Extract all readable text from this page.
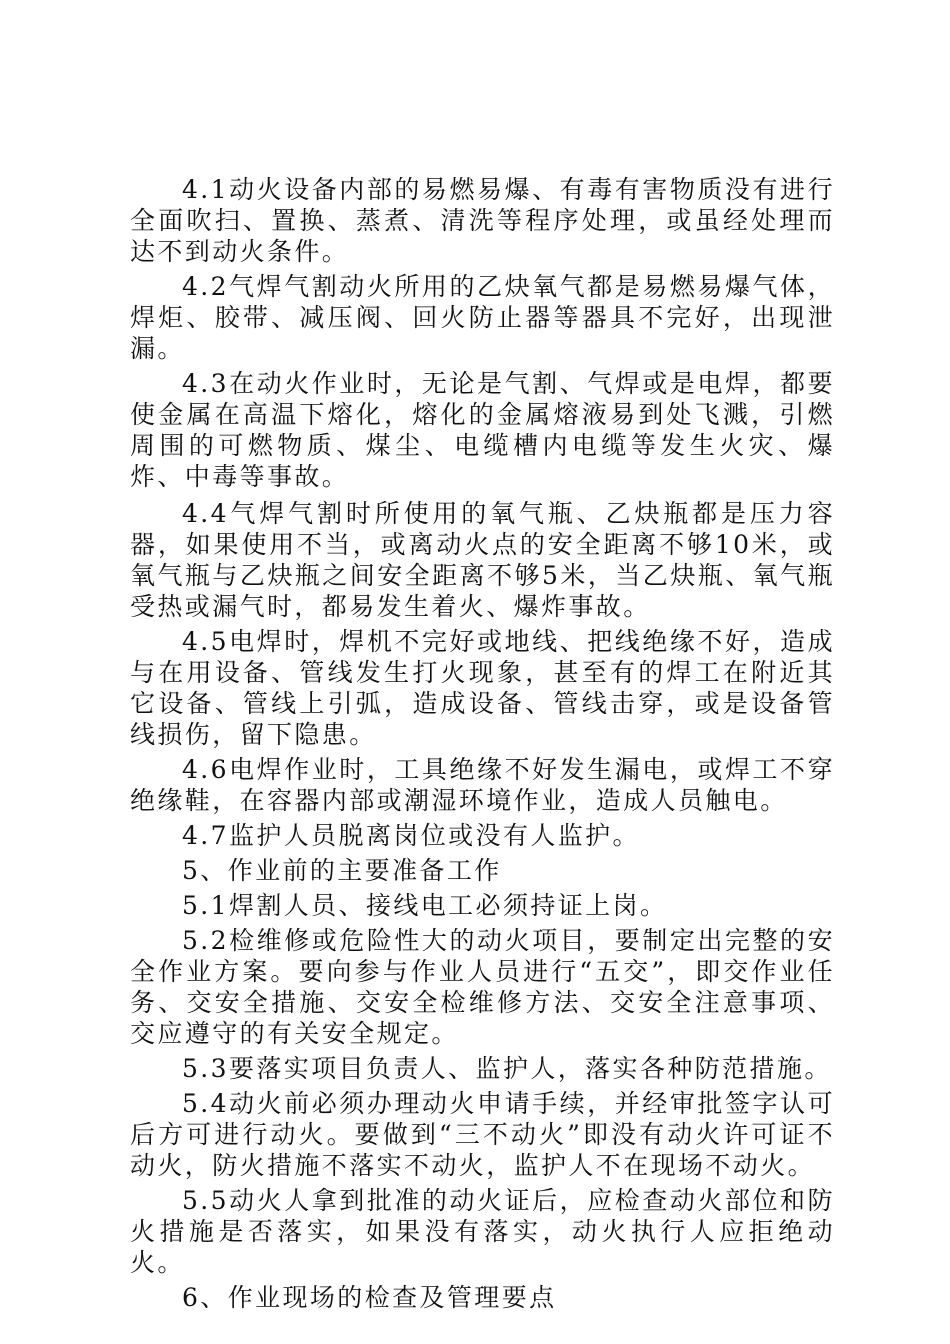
4.1动火设备内部的易燃易爆、有毒有害物质没有进行全面吹扫、置换、蒸煮、清洗等程序处理，或虽经处理而达不到动火条件。

4.2气焊气割动火所用的乙炔氧气都是易燃易爆气体，焊炬、胶带、减压阀、回火防止器等器具不完好，出现泄漏。

4.3在动火作业时，无论是气割、气焊或是电焊，都要使金属在高温下熔化，熔化的金属熔液易到处飞溅，引燃周围的可燃物质、煤尘、电缆槽内电缆等发生火灾、爆炸、中毒等事故。

4.4气焊气割时所使用的氧气瓶、乙炔瓶都是压力容器，如果使用不当，或离动火点的安全距离不够10米，或氧气瓶与乙炔瓶之间安全距离不够5米，当乙炔瓶、氧气瓶受热或漏气时，都易发生着火、爆炸事故。

4.5电焊时，焊机不完好或地线、把线绝缘不好，造成与在用设备、管线发生打火现象，甚至有的焊工在附近其它设备、管线上引弧，造成设备、管线击穿，或是设备管线损伤，留下隐患。

4.6电焊作业时，工具绝缘不好发生漏电，或焊工不穿绝缘鞋，在容器内部或潮湿环境作业，造成人员触电。

4.7监护人员脱离岗位或没有人监护。

5、作业前的主要准备工作

5.1焊割人员、接线电工必须持证上岗。

5.2检维修或危险性大的动火项目，要制定出完整的安全作业方案。要向参与作业人员进行“五交”，即交作业任务、交安全措施、交安全检维修方法、交安全注意事项、交应遵守的有关安全规定。

5.3要落实项目负责人、监护人，落实各种防范措施。

5.4动火前必须办理动火申请手续，并经审批签字认可后方可进行动火。要做到“三不动火”即没有动火许可证不动火，防火措施不落实不动火，监护人不在现场不动火。

5.5动火人拿到批准的动火证后，应检查动火部位和防火措施是否落实，如果没有落实，动火执行人应拒绝动火。

6、作业现场的检查及管理要点
